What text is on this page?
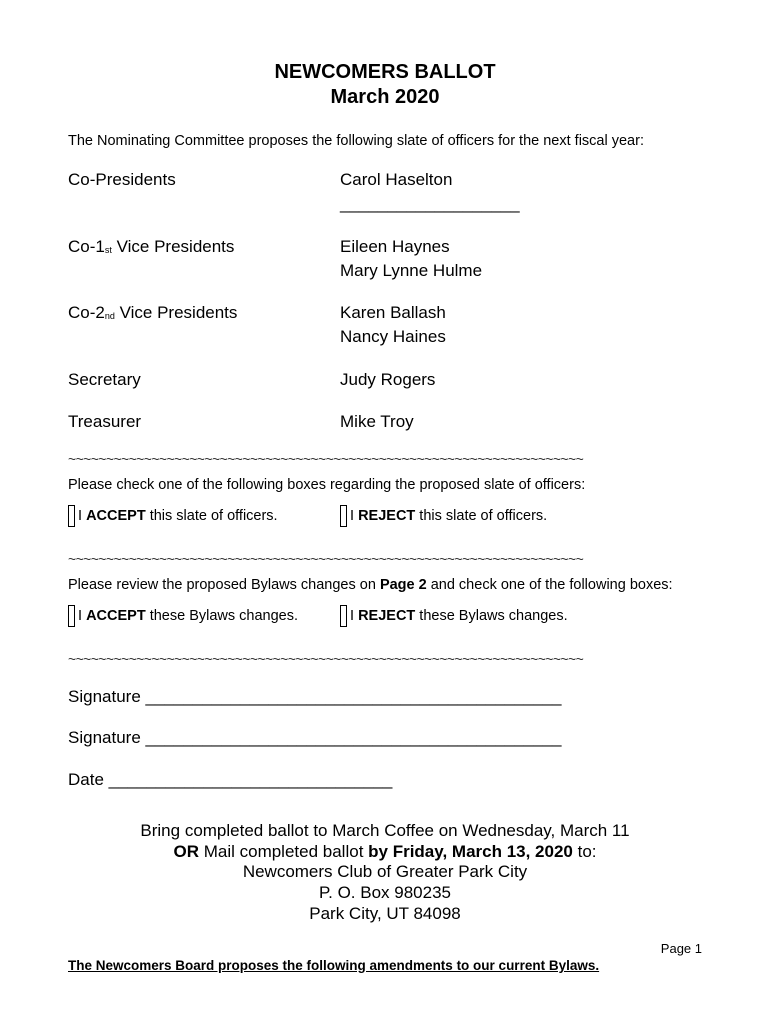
NEWCOMERS BALLOT
March 2020
The Nominating Committee proposes the following slate of officers for the next fiscal year:
Co-Presidents	Carol Haselton
___________________
$Co-1_{st}$ Vice Presidents	Eileen Haynes
Mary Lynne Hulme
$Co-2_{nd}$ Vice Presidents	Karen Ballash
Nancy Haines
Secretary	Judy Rogers
Treasurer	Mike Troy
~~~~~~~~~~~~~~~~~~~~~~~~~~~~~~~~~~~~~~~~~~~~~~~~~~~~~~~~~~~~~~~~~~~~
Please check one of the following boxes regarding the proposed slate of officers:
I ACCEPT this slate of officers.	I REJECT this slate of officers.
~~~~~~~~~~~~~~~~~~~~~~~~~~~~~~~~~~~~~~~~~~~~~~~~~~~~~~~~~~~~~~~~~~~~
Please review the proposed Bylaws changes on Page 2 and check one of the following boxes:
I ACCEPT these Bylaws changes.	I REJECT these Bylaws changes.
~~~~~~~~~~~~~~~~~~~~~~~~~~~~~~~~~~~~~~~~~~~~~~~~~~~~~~~~~~~~~~~~~~~~
Signature ____________________________________________
Signature ____________________________________________
Date ______________________________
Bring completed ballot to March Coffee on Wednesday, March 11
OR Mail completed ballot by Friday, March 13, 2020 to:
Newcomers Club of Greater Park City
P. O. Box 980235
Park City, UT 84098
Page 1
The Newcomers Board proposes the following amendments to our current Bylaws.
